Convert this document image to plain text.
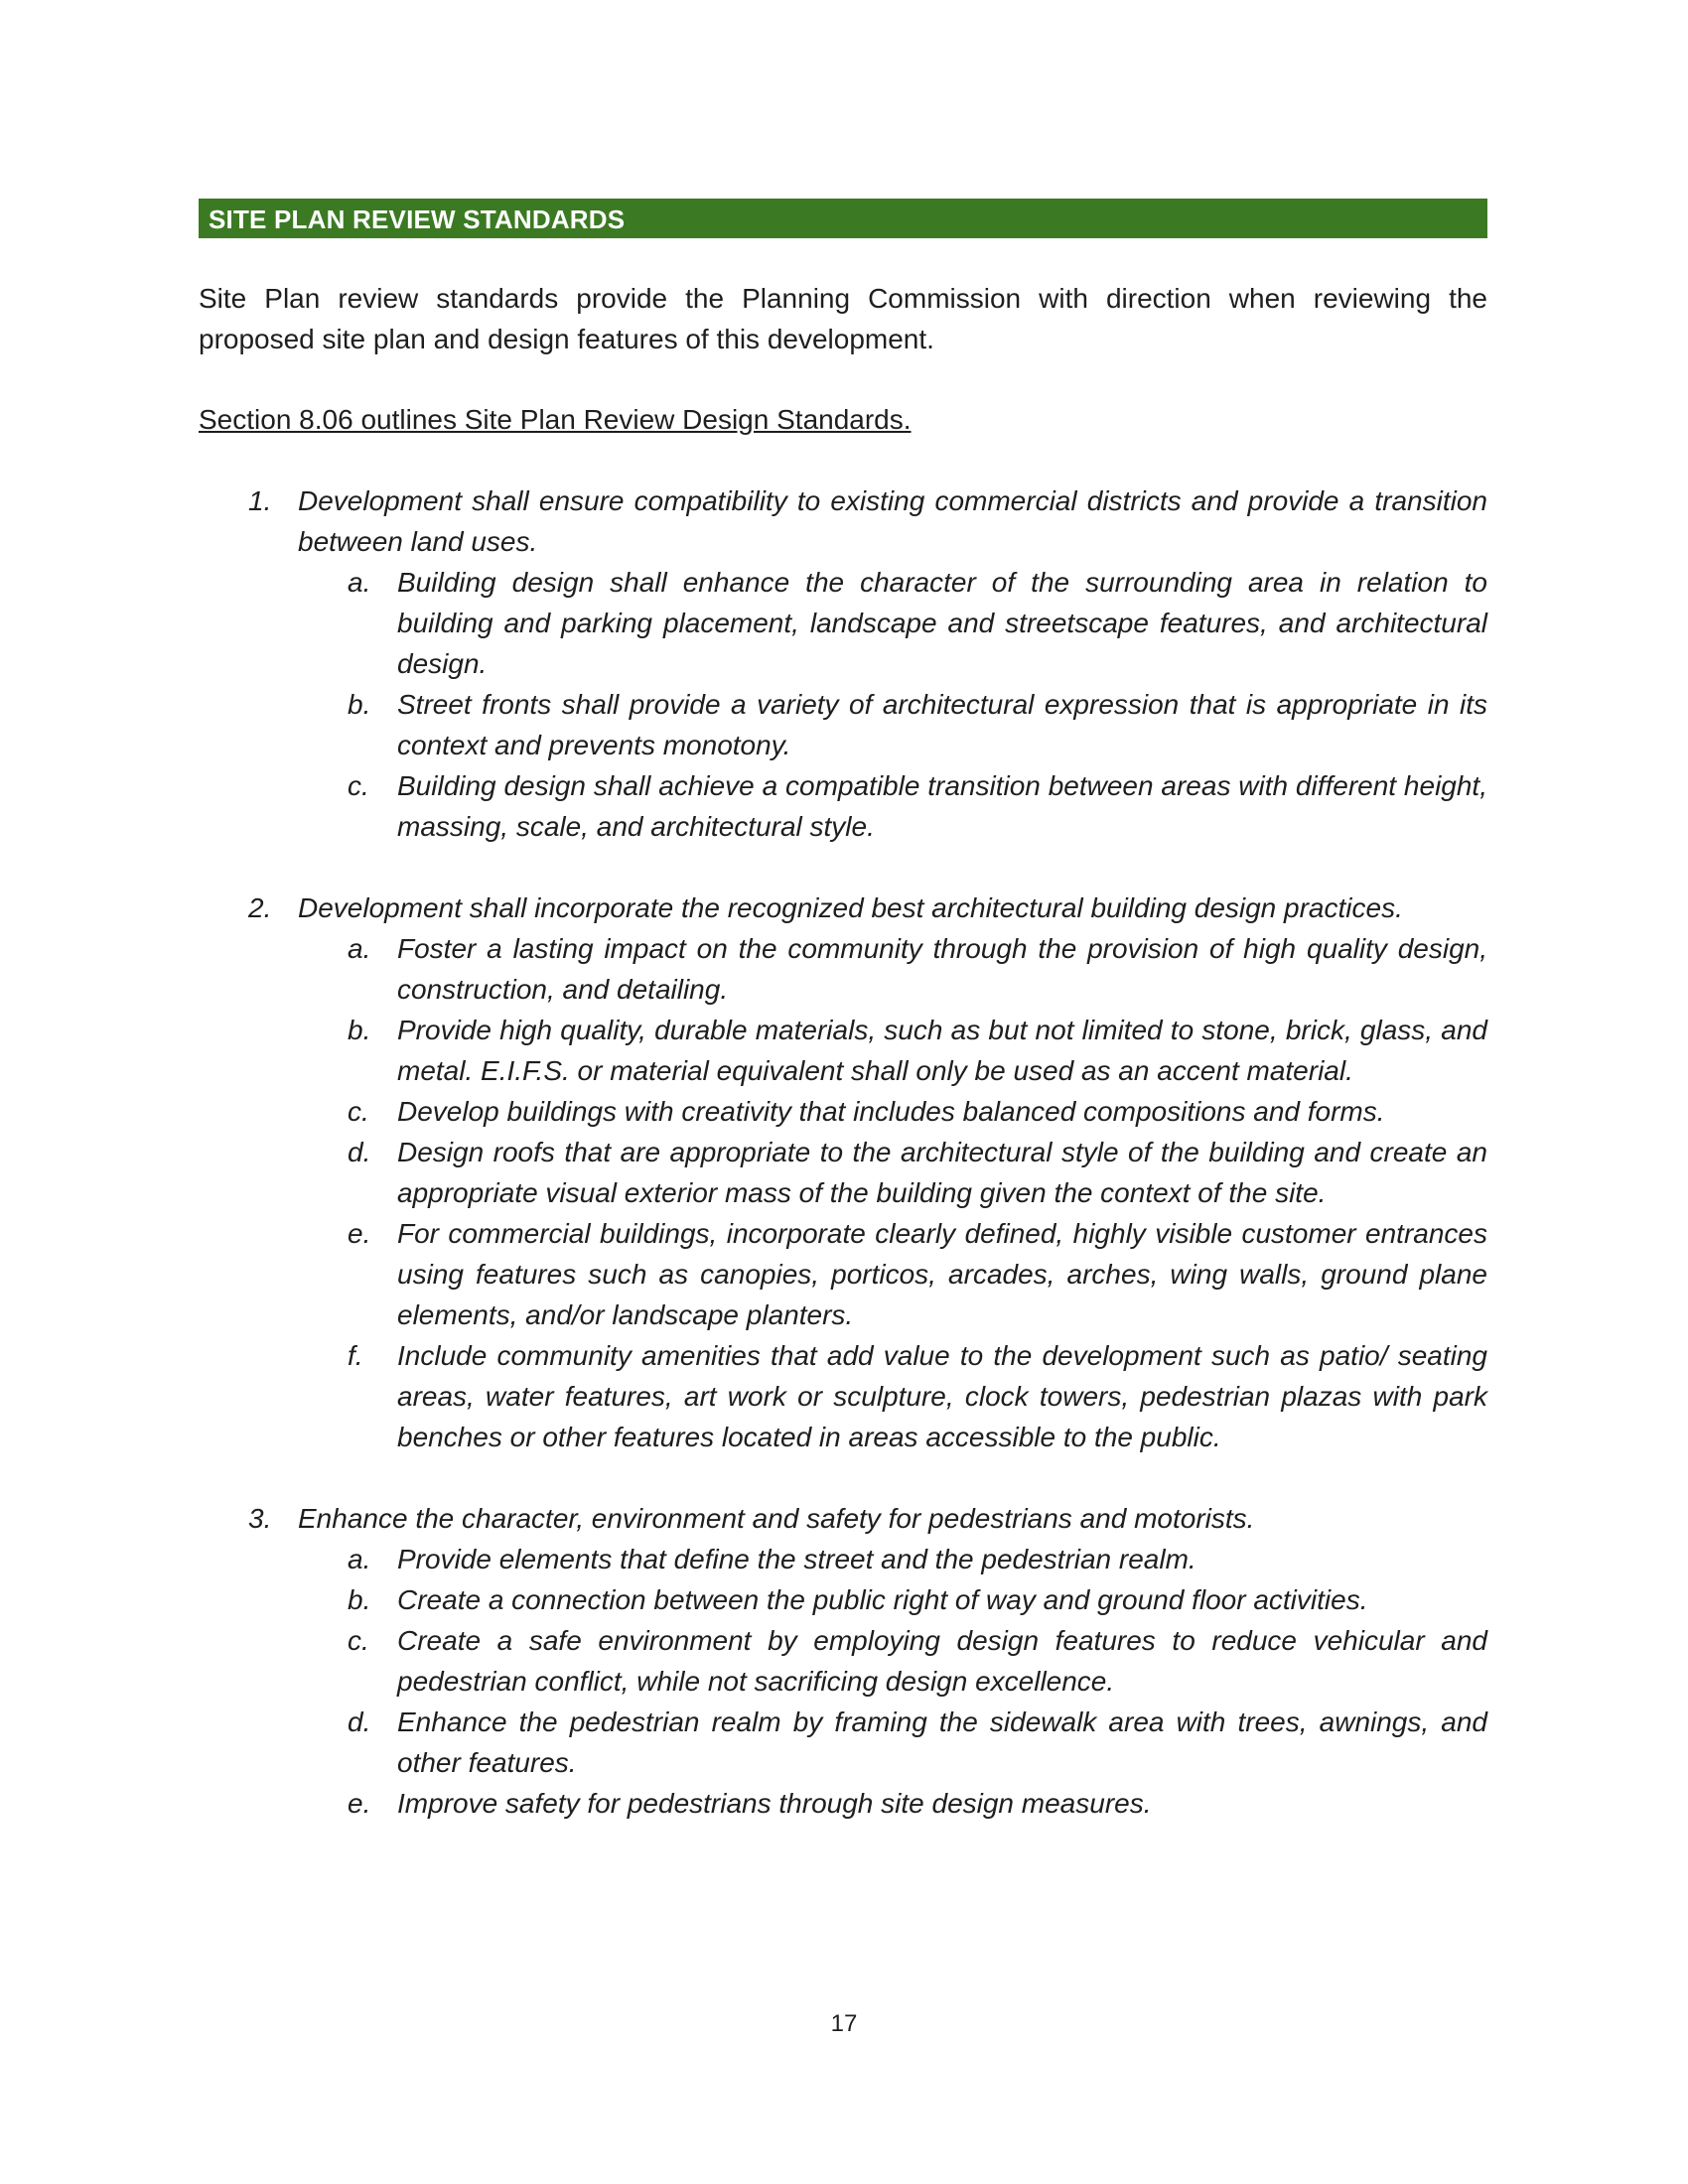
SITE PLAN REVIEW STANDARDS

Site Plan review standards provide the Planning Commission with direction when reviewing the proposed site plan and design features of this development.

Section 8.06 outlines Site Plan Review Design Standards.

1. Development shall ensure compatibility to existing commercial districts and provide a transition between land uses.
a. Building design shall enhance the character of the surrounding area in relation to building and parking placement, landscape and streetscape features, and architectural design.
b. Street fronts shall provide a variety of architectural expression that is appropriate in its context and prevents monotony.
c. Building design shall achieve a compatible transition between areas with different height, massing, scale, and architectural style.
2. Development shall incorporate the recognized best architectural building design practices.
a. Foster a lasting impact on the community through the provision of high quality design, construction, and detailing.
b. Provide high quality, durable materials, such as but not limited to stone, brick, glass, and metal. E.I.F.S. or material equivalent shall only be used as an accent material.
c. Develop buildings with creativity that includes balanced compositions and forms.
d. Design roofs that are appropriate to the architectural style of the building and create an appropriate visual exterior mass of the building given the context of the site.
e. For commercial buildings, incorporate clearly defined, highly visible customer entrances using features such as canopies, porticos, arcades, arches, wing walls, ground plane elements, and/or landscape planters.
f. Include community amenities that add value to the development such as patio/ seating areas, water features, art work or sculpture, clock towers, pedestrian plazas with park benches or other features located in areas accessible to the public.
3. Enhance the character, environment and safety for pedestrians and motorists.
a. Provide elements that define the street and the pedestrian realm.
b. Create a connection between the public right of way and ground floor activities.
c. Create a safe environment by employing design features to reduce vehicular and pedestrian conflict, while not sacrificing design excellence.
d. Enhance the pedestrian realm by framing the sidewalk area with trees, awnings, and other features.
e. Improve safety for pedestrians through site design measures.
17
